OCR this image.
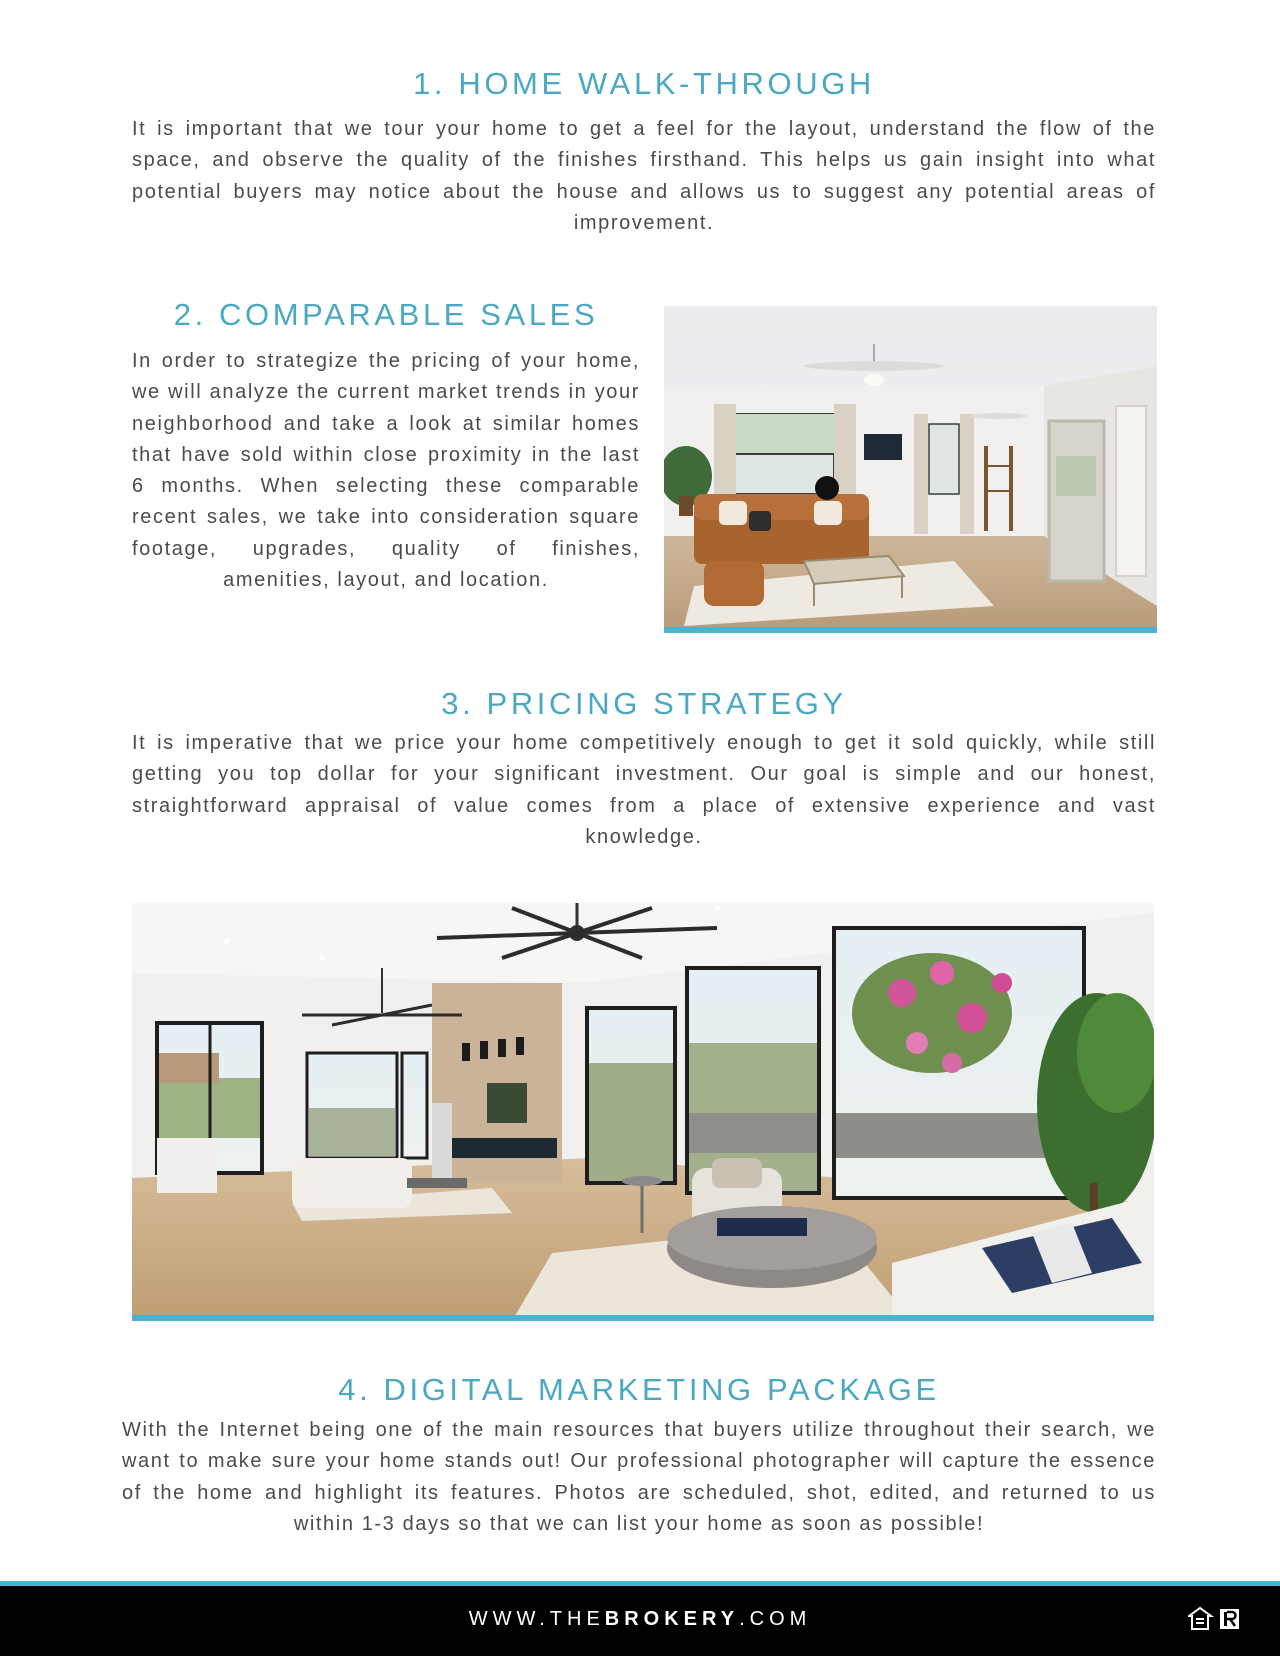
1. HOME WALK-THROUGH

It is important that we tour your home to get a feel for the layout, understand the flow of the space, and observe the quality of the finishes firsthand. This helps us gain insight into what potential buyers may notice about the house and allows us to suggest any potential areas of improvement.

2. COMPARABLE SALES

In order to strategize the pricing of your home, we will analyze the current market trends in your neighborhood and take a look at similar homes that have sold within close proximity in the last 6 months. When selecting these comparable recent sales, we take into consideration square footage, upgrades, quality of finishes, amenities, layout, and location.

3. PRICING STRATEGY

It is imperative that we price your home competitively enough to get it sold quickly, while still getting you top dollar for your significant investment. Our goal is simple and our honest, straightforward appraisal of value comes from a place of extensive experience and vast knowledge.

4. DIGITAL MARKETING PACKAGE

With the Internet being one of the main resources that buyers utilize throughout their search, we want to make sure your home stands out! Our professional photographer will capture the essence of the home and highlight its features. Photos are scheduled, shot, edited, and returned to us within 1-3 days so that we can list your home as soon as possible!

WWW.THEBROKERY.COM
